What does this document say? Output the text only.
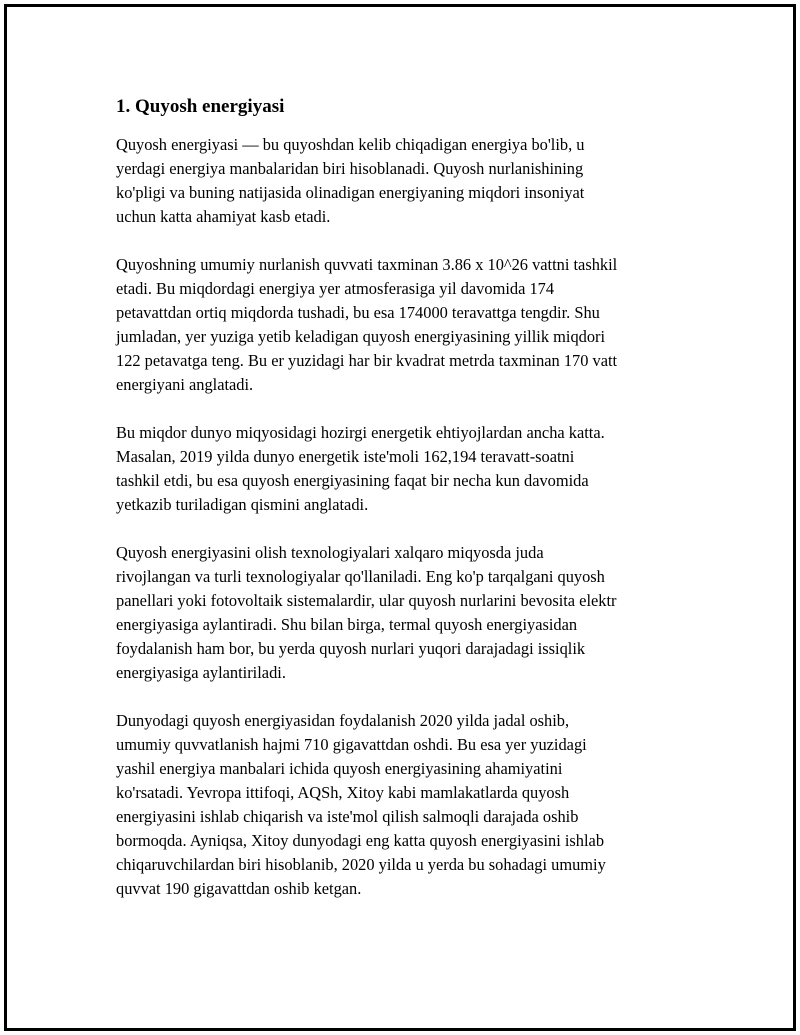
1. Quyosh energiyasi
Quyosh energiyasi — bu quyoshdan kelib chiqadigan energiya bo'lib, u
yerdagi energiya manbalaridan biri hisoblanadi. Quyosh nurlanishining
ko'pligi va buning natijasida olinadigan energiyaning miqdori insoniyat
uchun katta ahamiyat kasb etadi.
Quyoshning umumiy nurlanish quvvati taxminan 3.86 x 10^26 vattni tashkil
etadi. Bu miqdordagi energiya yer atmosferasiga yil davomida 174
petavattdan ortiq miqdorda tushadi, bu esa 174000 teravattga tengdir. Shu
jumladan, yer yuziga yetib keladigan quyosh energiyasining yillik miqdori
122 petavatga teng. Bu er yuzidagi har bir kvadrat metrda taxminan 170 vatt
energiyani anglatadi.
Bu miqdor dunyo miqyosidagi hozirgi energetik ehtiyojlardan ancha katta.
Masalan, 2019 yilda dunyo energetik iste'moli 162,194 teravatt-soatni
tashkil etdi, bu esa quyosh energiyasining faqat bir necha kun davomida
yetkazib turiladigan qismini anglatadi.
Quyosh energiyasini olish texnologiyalari xalqaro miqyosda juda
rivojlangan va turli texnologiyalar qo'llaniladi. Eng ko'p tarqalgani quyosh
panellari yoki fotovoltaik sistemalardir, ular quyosh nurlarini bevosita elektr
energiyasiga aylantiradi. Shu bilan birga, termal quyosh energiyasidan
foydalanish ham bor, bu yerda quyosh nurlari yuqori darajadagi issiqlik
energiyasiga aylantiriladi.
Dunyodagi quyosh energiyasidan foydalanish 2020 yilda jadal oshib,
umumiy quvvatlanish hajmi 710 gigavattdan oshdi. Bu esa yer yuzidagi
yashil energiya manbalari ichida quyosh energiyasining ahamiyatini
ko'rsatadi. Yevropa ittifoqi, AQSh, Xitoy kabi mamlakatlarda quyosh
energiyasini ishlab chiqarish va iste'mol qilish salmoqli darajada oshib
bormoqda. Ayniqsa, Xitoy dunyodagi eng katta quyosh energiyasini ishlab
chiqaruvchilardan biri hisoblanib, 2020 yilda u yerda bu sohadagi umumiy
quvvat 190 gigavattdan oshib ketgan.
